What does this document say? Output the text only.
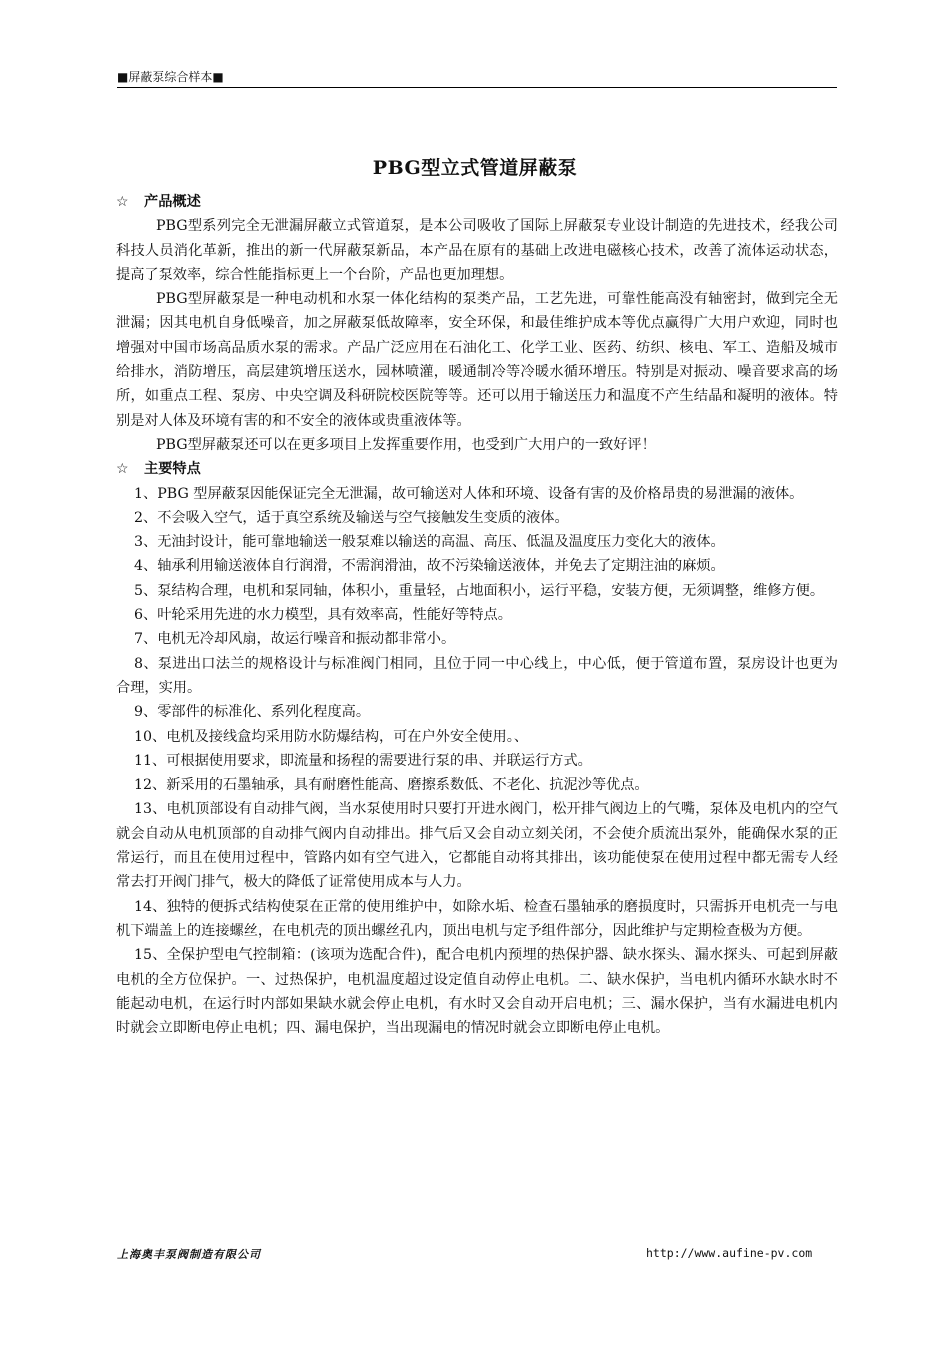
■屏蔽泵综合样本■
PBG型立式管道屏蔽泵
☆ 产品概述

PBG型系列完全无泄漏屏蔽立式管道泵，是本公司吸收了国际上屏蔽泵专业设计制造的先进技术，经我公司科技人员消化革新，推出的新一代屏蔽泵新品，本产品在原有的基础上改进电磁核心技术，改善了流体运动状态，提高了泵效率，综合性能指标更上一个台阶，产品也更加理想。

PBG型屏蔽泵是一种电动机和水泵一体化结构的泵类产品，工艺先进，可靠性能高没有轴密封，做到完全无泄漏；因其电机自身低噪音，加之屏蔽泵低故障率，安全环保，和最佳维护成本等优点赢得广大用户欢迎，同时也增强对中国市场高品质水泵的需求。产品广泛应用在石油化工、化学工业、医药、纺织、核电、军工、造船及城市给排水，消防增压，高层建筑增压送水，园林喷灌，暖通制冷等冷暖水循环增压。特别是对振动、噪音要求高的场所，如重点工程、泵房、中央空调及科研院校医院等等。还可以用于输送压力和温度不产生结晶和凝明的液体。特别是对人体及环境有害的和不安全的液体或贵重液体等。

PBG型屏蔽泵还可以在更多项目上发挥重要作用，也受到广大用户的一致好评！

☆ 主要特点

1、PBG 型屏蔽泵因能保证完全无泄漏，故可输送对人体和环境、设备有害的及价格昂贵的易泄漏的液体。

2、不会吸入空气，适于真空系统及输送与空气接触发生变质的液体。

3、无油封设计，能可靠地输送一般泵难以输送的高温、高压、低温及温度压力变化大的液体。

4、轴承利用输送液体自行润滑，不需润滑油，故不污染输送液体，并免去了定期注油的麻烦。

5、泵结构合理，电机和泵同轴，体积小，重量轻，占地面积小，运行平稳，安装方便，无须调整，维修方便。

6、叶轮采用先进的水力模型，具有效率高，性能好等特点。

7、电机无冷却风扇，故运行噪音和振动都非常小。

8、泵进出口法兰的规格设计与标准阀门相同，且位于同一中心线上，中心低，便于管道布置，泵房设计也更为合理，实用。

9、零部件的标准化、系列化程度高。

10、电机及接线盒均采用防水防爆结构，可在户外安全使用。、

11、可根据使用要求，即流量和扬程的需要进行泵的串、并联运行方式。

12、新采用的石墨轴承，具有耐磨性能高、磨擦系数低、不老化、抗泥沙等优点。

13、电机顶部设有自动排气阀，当水泵使用时只要打开进水阀门，松开排气阀边上的气嘴，泵体及电机内的空气就会自动从电机顶部的自动排气阀内自动排出。排气后又会自动立刻关闭，不会使介质流出泵外，能确保水泵的正常运行，而且在使用过程中，管路内如有空气进入，它都能自动将其排出，该功能使泵在使用过程中都无需专人经常去打开阀门排气，极大的降低了证常使用成本与人力。

14、独特的便拆式结构使泵在正常的使用维护中，如除水垢、检查石墨轴承的磨损度时，只需拆开电机壳一与电机下端盖上的连接螺丝，在电机壳的顶出螺丝孔内，顶出电机与定予组件部分，因此维护与定期检查极为方便。

15、全保护型电气控制箱：(该项为选配合件)，配合电机内预埋的热保护器、缺水探头、漏水探头、可起到屏蔽电机的全方位保护。一、过热保护，电机温度超过设定值自动停止电机。二、缺水保护，当电机内循环水缺水时不能起动电机，在运行时内部如果缺水就会停止电机，有水时又会自动开启电机；三、漏水保护，当有水漏进电机内时就会立即断电停止电机；四、漏电保护，当出现漏电的情况时就会立即断电停止电机。

上海奥丰泵阀制造有限公司	http://www.aufine-pv.com
